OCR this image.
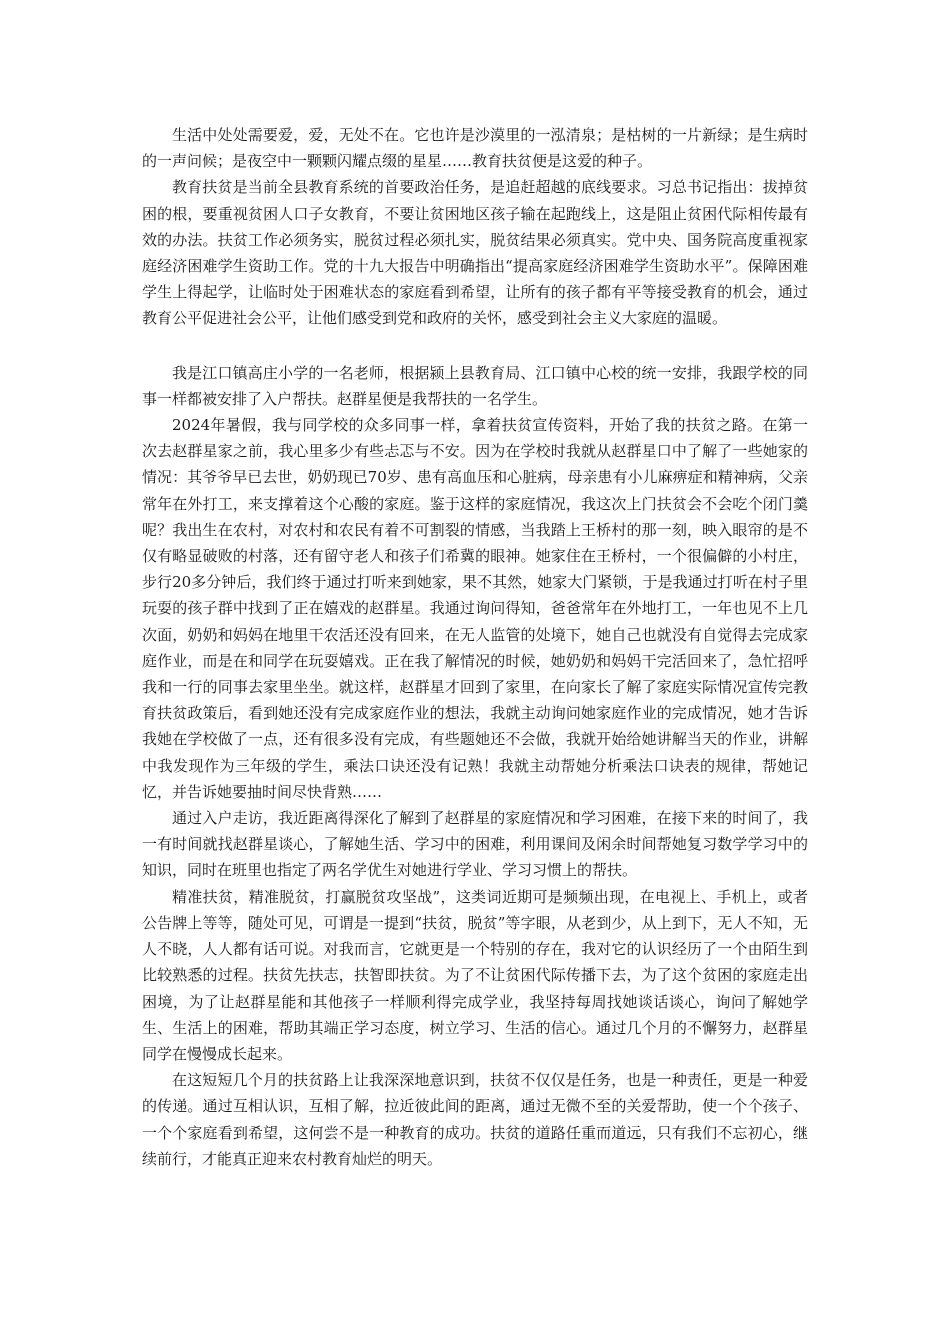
生活中处处需要爱，爱，无处不在。它也许是沙漠里的一泓清泉；是枯树的一片新绿；是生病时的一声问候；是夜空中一颗颗闪耀点缀的星星……教育扶贫便是这爱的种子。

教育扶贫是当前全县教育系统的首要政治任务，是追赶超越的底线要求。习总书记指出：拔掉贫困的根，要重视贫困人口子女教育，不要让贫困地区孩子输在起跑线上，这是阻止贫困代际相传最有效的办法。扶贫工作必须务实，脱贫过程必须扎实，脱贫结果必须真实。党中央、国务院高度重视家庭经济困难学生资助工作。党的十九大报告中明确指出“提高家庭经济困难学生资助水平”。保障困难学生上得起学，让临时处于困难状态的家庭看到希望，让所有的孩子都有平等接受教育的机会，通过教育公平促进社会公平，让他们感受到党和政府的关怀，感受到社会主义大家庭的温暖。

我是江口镇高庄小学的一名老师，根据颍上县教育局、江口镇中心校的统一安排，我跟学校的同事一样都被安排了入户帮扶。赵群星便是我帮扶的一名学生。

2024年暑假，我与同学校的众多同事一样，拿着扶贫宣传资料，开始了我的扶贫之路。在第一次去赵群星家之前，我心里多少有些忐忑与不安。因为在学校时我就从赵群星口中了解了一些她家的情况：其爷爷早已去世，奶奶现已70岁、患有高血压和心脏病，母亲患有小儿麻痹症和精神病，父亲常年在外打工，来支撑着这个心酸的家庭。鉴于这样的家庭情况，我这次上门扶贫会不会吃个闭门羹呢？我出生在农村，对农村和农民有着不可割裂的情感，当我踏上王桥村的那一刻，映入眼帘的是不仅有略显破败的村落，还有留守老人和孩子们希冀的眼神。她家住在王桥村，一个很偏僻的小村庄，步行20多分钟后，我们终于通过打听来到她家，果不其然，她家大门紧锁，于是我通过打听在村子里玩耍的孩子群中找到了正在嬉戏的赵群星。我通过询问得知，爸爸常年在外地打工，一年也见不上几次面，奶奶和妈妈在地里干农活还没有回来，在无人监管的处境下，她自己也就没有自觉得去完成家庭作业，而是在和同学在玩耍嬉戏。正在我了解情况的时候，她奶奶和妈妈干完活回来了，急忙招呼我和一行的同事去家里坐坐。就这样，赵群星才回到了家里，在向家长了解了家庭实际情况宣传完教育扶贫政策后，看到她还没有完成家庭作业的想法，我就主动询问她家庭作业的完成情况，她才告诉我她在学校做了一点，还有很多没有完成，有些题她还不会做，我就开始给她讲解当天的作业，讲解中我发现作为三年级的学生，乘法口诀还没有记熟！我就主动帮她分析乘法口诀表的规律，帮她记忆，并告诉她要抽时间尽快背熟……

通过入户走访，我近距离得深化了解到了赵群星的家庭情况和学习困难，在接下来的时间了，我一有时间就找赵群星谈心，了解她生活、学习中的困难，利用课间及闲余时间帮她复习数学学习中的知识，同时在班里也指定了两名学优生对她进行学业、学习习惯上的帮扶。

精准扶贫，精准脱贫，打赢脱贫攻坚战”，这类词近期可是频频出现，在电视上、手机上，或者公告牌上等等，随处可见，可谓是一提到“扶贫，脱贫”等字眼，从老到少，从上到下，无人不知，无人不晓，人人都有话可说。对我而言，它就更是一个特别的存在，我对它的认识经历了一个由陌生到比较熟悉的过程。扶贫先扶志，扶智即扶贫。为了不让贫困代际传播下去，为了这个贫困的家庭走出困境，为了让赵群星能和其他孩子一样顺利得完成学业，我坚持每周找她谈话谈心，询问了解她学生、生活上的困难，帮助其端正学习态度，树立学习、生活的信心。通过几个月的不懈努力，赵群星同学在慢慢成长起来。

在这短短几个月的扶贫路上让我深深地意识到，扶贫不仅仅是任务，也是一种责任，更是一种爱的传递。通过互相认识，互相了解，拉近彼此间的距离，通过无微不至的关爱帮助，使一个个孩子、一个个家庭看到希望，这何尝不是一种教育的成功。扶贫的道路任重而道远，只有我们不忘初心，继续前行，才能真正迎来农村教育灿烂的明天。
